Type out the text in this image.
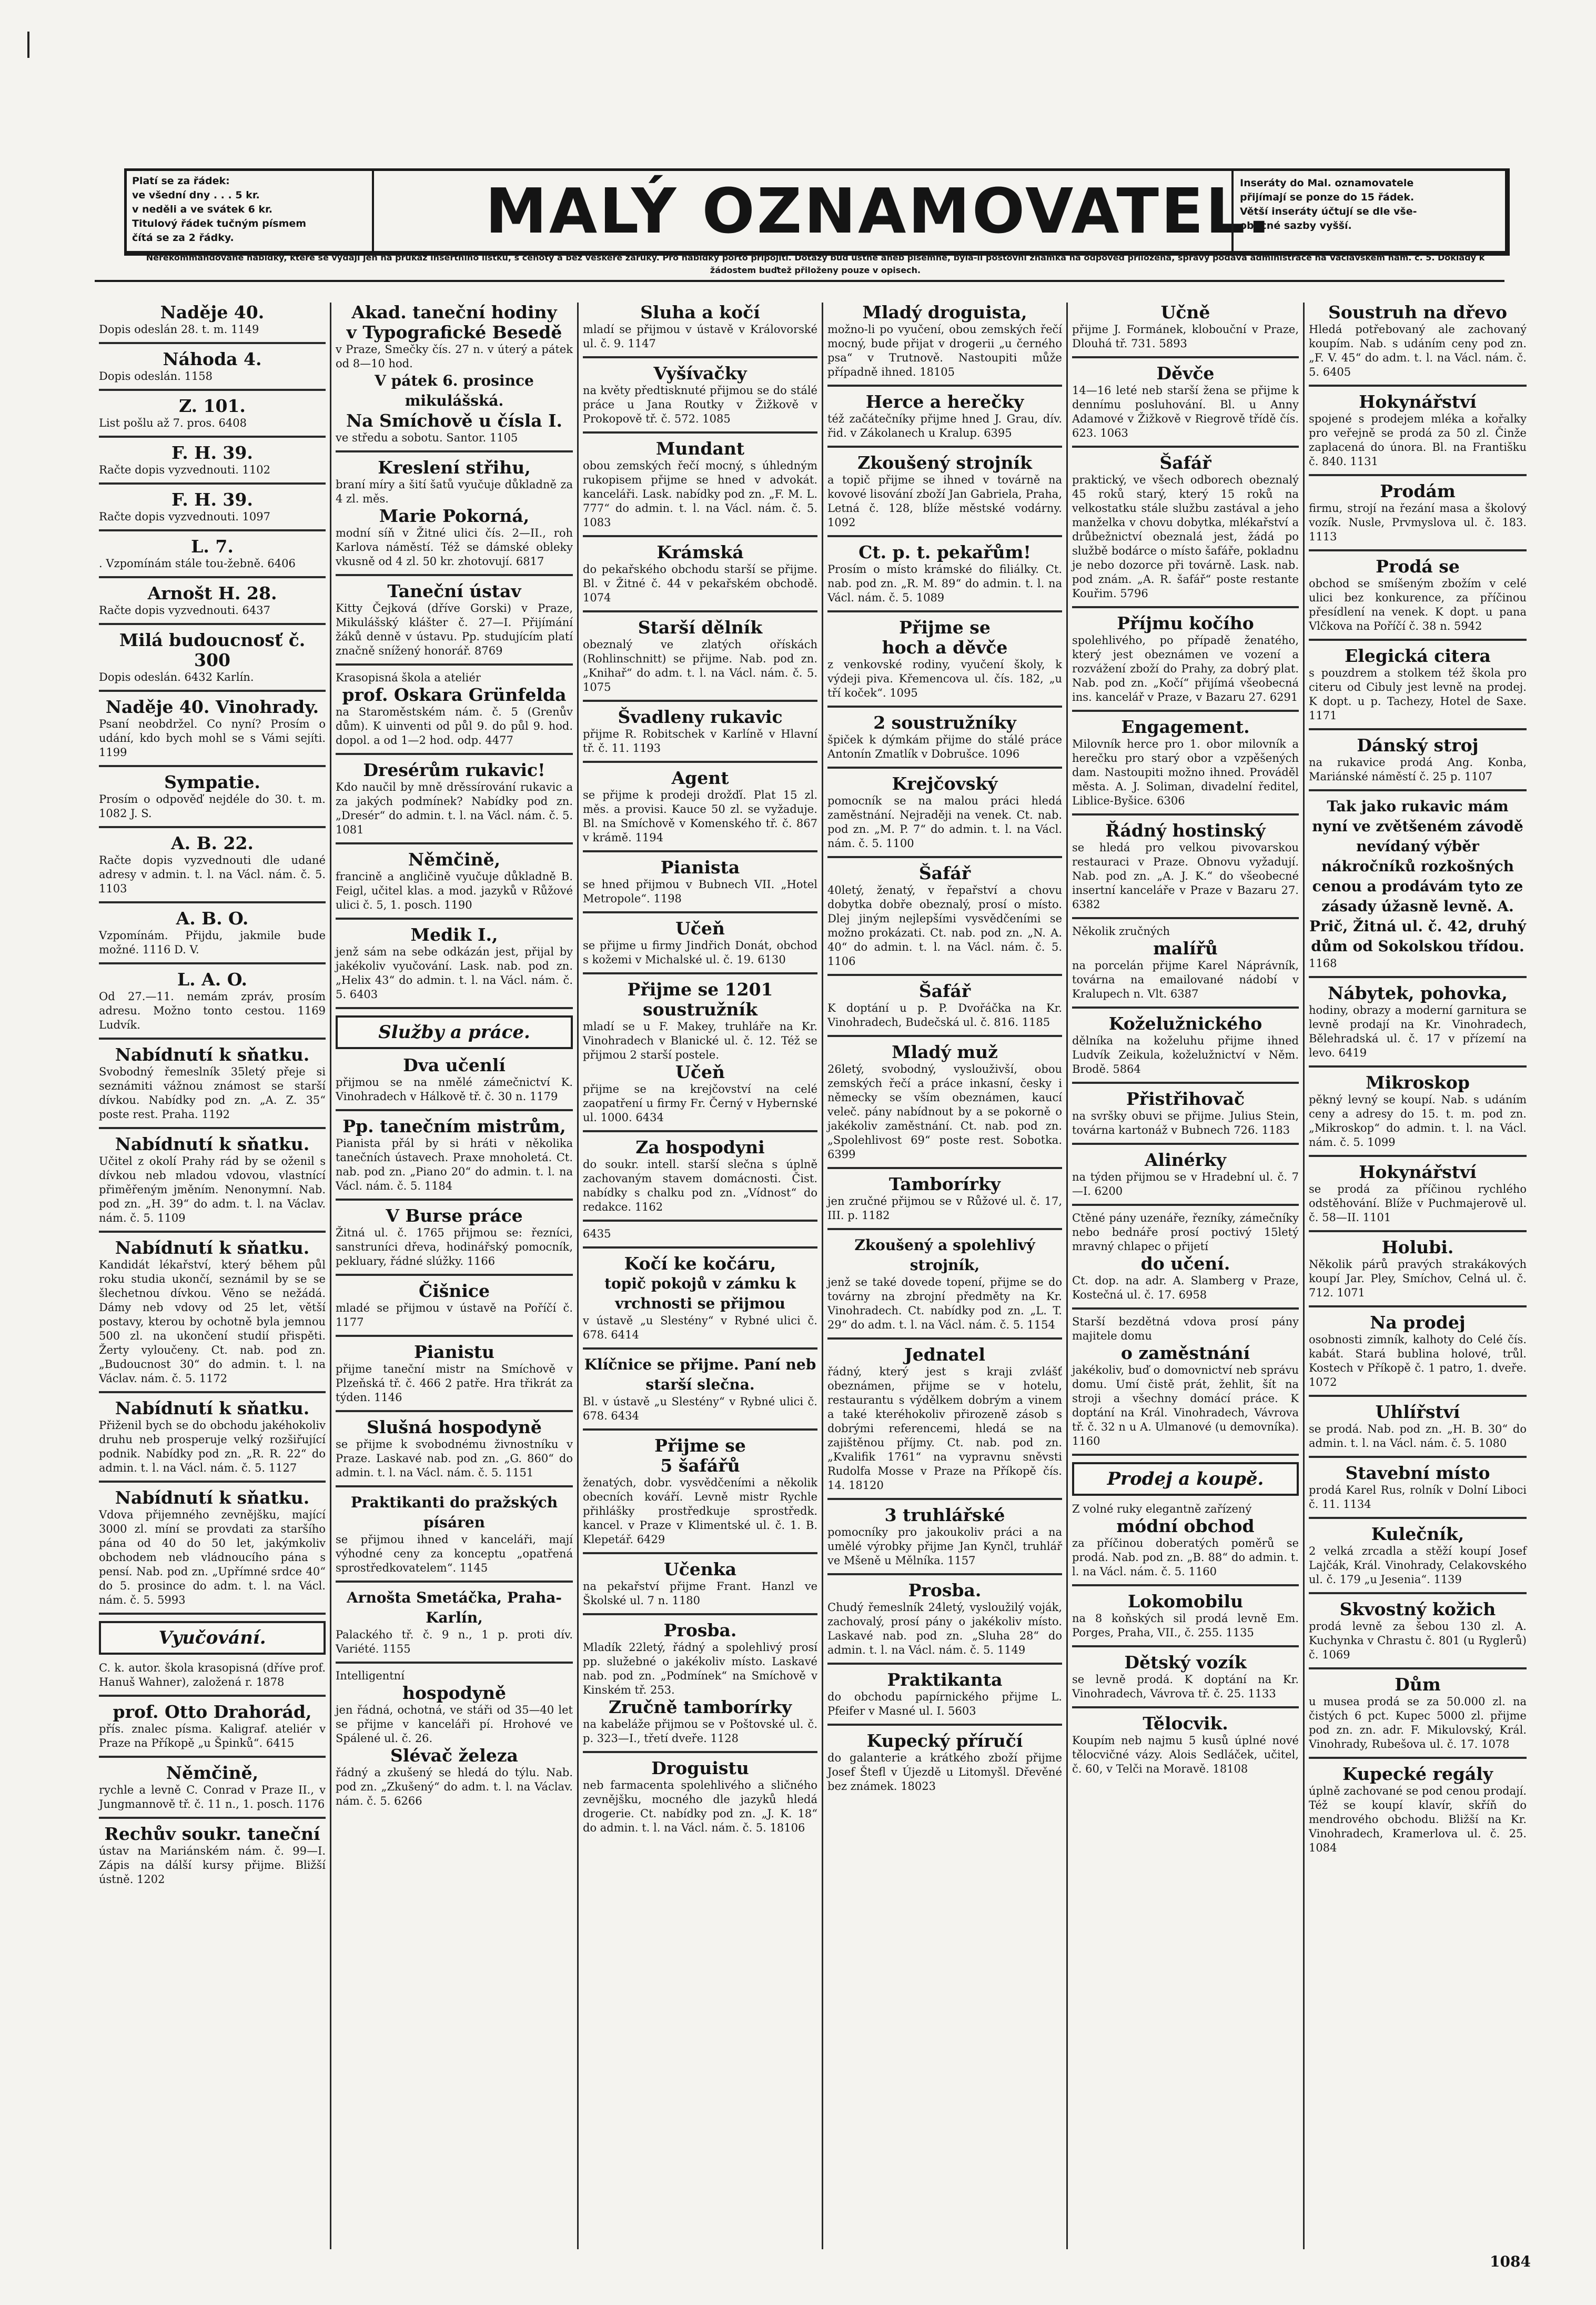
Platí se za řádek:
ve všední dny . . . 5 kr.
v neděli a ve svátek 6 kr.
Titulový řádek tučným písmem
čítá se za 2 řádky.	MALÝ OZNAMOVATEL.
Inseráty do Mal. oznamovatele
přijímají se ponze do 15 řádek.
Větší inseráty účtují se dle vše-
obecné sazby vyšší.
Nerekommandované nabídky, které se vydají jen na průkaz insertního lístku, s cehoty a bez veškeré záruky. Pro nabídky porto připojiti. Dotazy buď ústně aneb písemně, byla-li poštovní známka na odpověď přiložena, správy podává administrace na Václavském nám. č. 5. Doklady k žádostem buďtež přiloženy pouze v opisech.
Naděje 40.
Dopis odeslán 28. t. m. 1149
Náhoda 4.
Dopis odeslán. 1158
Z. 101.
List pošlu až 7. pros. 6408
F. H. 39.
Račte dopis vyzvednouti. 1102
F. H. 39.
Račte dopis vyzvednouti. 1097
L. 7.
. Vzpomínám stále tou-žebně. 6406
Arnošt H. 28.
Račte dopis vyzvednouti. 6437
Milá budoucnosť č. 300
Dopis odeslán. 6432 Karlín.
Naděje 40. Vinohrady.
Psaní neobdržel. Co nyní? Prosím o udání, kdo bych mohl se s Vámi sejíti. 1199
Sympatie.
Prosím o odpověď nejdéle do 30. t. m. 1082 J. S.
A. B. 22.
Račte dopis vyzvednouti dle udané adresy v admin. t. l. na Václ. nám. č. 5. 1103
A. B. O.
Vzpomínám. Přijdu, jakmile bude možné. 1116 D. V.
L. A. O.
Od 27.—11. nemám zpráv, prosím adresu. Možno tonto cestou. 1169 Ludvík.
Nabídnutí k sňatku.
Svobodný řemeslník 35letý přeje si seznámiti vážnou známost se starší dívkou. Nabídky pod zn. „A. Z. 35“ poste rest. Praha. 1192
Nabídnutí k sňatku.
Učitel z okolí Prahy rád by se oženil s dívkou neb mladou vdovou, vlastnící přiměřeným jměním. Nenonymní. Nab. pod zn. „H. 39“ do adm. t. l. na Václav. nám. č. 5. 1109
Nabídnutí k sňatku.
Kandidát lékařství, který během půl roku studia ukončí, seznámil by se se šlechetnou dívkou. Věno se nežádá. Dámy neb vdovy od 25 let, větší postavy, kterou by ochotně byla jemnou 500 zl. na ukončení studií přispěti. Žerty vyloučeny. Ct. nab. pod zn. „Budoucnost 30“ do admin. t. l. na Václav. nám. č. 5. 1172
Nabídnutí k sňatku.
Přiženil bych se do obchodu jakéhokoliv druhu neb prosperuje velký rozšiřující podnik. Nabídky pod zn. „R. R. 22“ do admin. t. l. na Václ. nám. č. 5. 1127
Nabídnutí k sňatku.
Vdova přijemného zevnějšku, mající 3000 zl. míní se provdati za staršího pána od 40 do 50 let, jakýmkoliv obchodem neb vládnoucího pána s pensí. Nab. pod zn. „Upřímné srdce 40“ do 5. prosince do adm. t. l. na Václ. nám. č. 5. 5993
Vyučování.
C. k. autor. škola krasopisná (dříve prof. Hanuš Wahner), založená r. 1878
prof. Otto Drahorád,
přís. znalec písma. Kaligraf. ateliér v Praze na Příkopě „u Špinků“. 6415
Němčině,
rychle a levně C. Conrad v Praze II., v Jungmannově tř. č. 11 n., 1. posch. 1176
Rechův soukr. taneční
ústav na Mariánském nám. č. 99—I. Zápis na dálší kursy přijme. Bližší ústně. 1202
Akad. taneční hodiny
v Typografické Besedě
v Praze, Smečky čís. 27 n. v úterý a pátek od 8—10 hod.
V pátek 6. prosince mikulášská.
Na Smíchově u čísla I.
ve středu a sobotu. Santor. 1105
Kreslení střihu,
braní míry a šití šatů vyučuje důkladně za 4 zl. měs.
Marie Pokorná,
modní síň v Žitné ulici čís. 2—II., roh Karlova náměstí. Též se dámské obleky vkusně od 4 zl. 50 kr. zhotovují. 6817
Taneční ústav
Kitty Čejková (dříve Gorski) v Praze, Mikulášský klášter č. 27—I. Přijímání žáků denně v ústavu. Pp. studujícím platí značně snížený honorář. 8769
Krasopisná škola a ateliér
prof. Oskara Grünfelda
na Staroměstském nám. č. 5 (Grenův dům). K uinventi od půl 9. do půl 9. hod. dopol. a od 1—2 hod. odp. 4477
Dresérům rukavic!
Kdo naučil by mně drěssírování rukavic a za jakých podmínek? Nabídky pod zn. „Dresér“ do admin. t. l. na Václ. nám. č. 5. 1081
Němčině,
francině a angličině vyučuje důkladně B. Feigl, učitel klas. a mod. jazyků v Růžové ulici č. 5, 1. posch. 1190
Medik I.,
jenž sám na sebe odkázán jest, přijal by jakékoliv vyučování. Lask. nab. pod zn. „Helix 43“ do admin. t. l. na Václ. nám. č. 5. 6403
Služby a práce.
Dva učenlí
přijmou se na nmělé zámečnictví K. Vinohradech v Hálkově tř. č. 30 n. 1179
Pp. tanečním mistrům,
Pianista přál by si hráti v několika tanečních ústavech. Praxe mnoholetá. Ct. nab. pod zn. „Piano 20“ do admin. t. l. na Václ. nám. č. 5. 1184
V Burse práce
Žitná ul. č. 1765 přijmou se: řezníci, sanstruníci dřeva, hodinářský pomocník, pekluary, řádné slúžky. 1166
Čišnice
mladé se přijmou v ústavě na Poříčí č. 1177
Pianistu
přijme taneční mistr na Smíchově v Plzeňská tř. č. 466 2 patře. Hra třikrát za týden. 1146
Slušná hospodyně
se přijme k svobodnému živnostníku v Praze. Laskavé nab. pod zn. „G. 860“ do admin. t. l. na Václ. nám. č. 5. 1151
Praktikanti do pražských písáren
se přijmou ihned v kanceláři, mají výhodné ceny za konceptu „opatřená sprostředkovatelem“. 1145
Arnošta Smetáčka, Praha-Karlín,
Palackého tř. č. 9 n., 1 p. proti dív. Variété. 1155
Intelligentní
hospodyně
jen řádná, ochotná, ve stáři od 35—40 let se přijme v kanceláři pí. Hrohové ve Spálené ul. č. 26.
Slévač železa
řádný a zkušený se hledá do týlu. Nab. pod zn. „Zkušený“ do adm. t. l. na Václav. nám. č. 5. 6266
Sluha a kočí
mladí se přijmou v ústavě v Královorské ul. č. 9. 1147
Vyšívačky
na květy předtisknuté přijmou se do stálé práce u Jana Routky v Žižkově v Prokopově tř. č. 572. 1085
Mundant
obou zemských řečí mocný, s úhledným rukopisem přijme se hned v advokát. kanceláři. Lask. nabídky pod zn. „F. M. L. 777“ do admin. t. l. na Václ. nám. č. 5. 1083
Krámská
do pekařského obchodu starší se přijme. Bl. v Žitné č. 44 v pekařském obchodě. 1074
Starší dělník
obeznalý ve zlatých ořískách (Rohlinschnitt) se přijme. Nab. pod zn. „Knihař“ do adm. t. l. na Václ. nám. č. 5. 1075
Švadleny rukavic
přijme R. Robitschek v Karlíně v Hlavní tř. č. 11. 1193
Agent
se přijme k prodeji drožďí. Plat 15 zl. měs. a provisi. Kauce 50 zl. se vyžaduje. Bl. na Smíchově v Komenského tř. č. 867 v krámě. 1194
Pianista
se hned přijmou v Bubnech VII. „Hotel Metropole“. 1198
Učeň
se přijme u firmy Jindřich Donát, obchod s kožemi v Michalské ul. č. 19. 6130
Přijme se 1201
soustružník
mladí se u F. Makey, truhláře na Kr. Vinohradech v Blanické ul. č. 12. Též se přijmou 2 starší postele.
Učeň
přijme se na krejčovství na celé zaopatření u firmy Fr. Černý v Hybernské ul. 1000. 6434
Za hospodyni
do soukr. intell. starší slečna s úplně zachovaným stavem domácnosti. Čist. nabídky s chalku pod zn. „Vídnost“ do redakce. 1162
6435
Kočí ke kočáru,
topič pokojů v zámku k vrchnosti se přijmou
v ústavě „u Slestény“ v Rybné ulici č. 678. 6414
Klíčnice se přijme. Paní neb starší slečna.
Bl. v ústavě „u Slestény“ v Rybné ulici č. 678. 6434
Přijme se
5 šafářů
ženatých, dobr. vysvědčeními a několik obecních kováří. Levně mistr Rychle přihlášky prostředkuje sprostředk. kancel. v Praze v Klimentské ul. č. 1. B. Klepetář. 6429
Učenka
na pekařství přijme Frant. Hanzl ve Školské ul. 7 n. 1180
Prosba.
Mladík 22letý, řádný a spolehlivý prosí pp. služebné o jakékoliv místo. Laskavé nab. pod zn. „Podmínek“ na Smíchově v Kinském tř. 253.
Zručně tamborírky
na kabeláže přijmou se v Poštovské ul. č. p. 323—I., třetí dveře. 1128
Droguistu
neb farmacenta spolehlivého a sličného zevnějšku, mocného dle jazyků hledá drogerie. Ct. nabídky pod zn. „J. K. 18“ do admin. t. l. na Václ. nám. č. 5. 18106
Mladý droguista,
možno-li po vyučení, obou zemských řečí mocný, bude přijat v drogerii „u černého psa“ v Trutnově. Nastoupiti může případně ihned. 18105
Herce a herečky
též začátečníky přijme hned J. Grau, dív. řid. v Zákolanech u Kralup. 6395
Zkoušený strojník
a topič přijme se ihned v továrně na kovové lisování zboží Jan Gabriela, Praha, Letná č. 128, blíže městské vodárny. 1092
Ct. p. t. pekařům!
Prosím o místo krámské do filiálky. Ct. nab. pod zn. „R. M. 89“ do admin. t. l. na Václ. nám. č. 5. 1089
Přijme se
hoch a děvče
z venkovské rodiny, vyučení školy, k výdeji piva. Křemencova ul. čís. 182, „u tří koček“. 1095
2 soustružníky
špiček k dýmkám přijme do stálé práce Antonín Zmatlík v Dobrušce. 1096
Krejčovský
pomocník se na malou práci hledá zaměstnání. Nejraději na venek. Ct. nab. pod zn. „M. P. 7“ do admin. t. l. na Václ. nám. č. 5. 1100
Šafář
40letý, ženatý, v řepařství a chovu dobytka dobře obeznalý, prosí o místo. Dlej jiným nejlepšími vysvědčeními se možno prokázati. Ct. nab. pod zn. „N. A. 40“ do admin. t. l. na Václ. nám. č. 5. 1106
Šafář
K doptání u p. P. Dvořáčka na Kr. Vinohradech, Budečská ul. č. 816. 1185
Mladý muž
26letý, svobodný, vyslouživší, obou zemských řečí a práce inkasní, česky i německy se vším obeznámen, kaucí veleč. pány nabídnout by a se pokorně o jakékoliv zaměstnání. Ct. nab. pod zn. „Spolehlivost 69“ poste rest. Sobotka. 6399
Tamborírky
jen zručné přijmou se v Růžové ul. č. 17, III. p. 1182
Zkoušený a spolehlivý strojník,
jenž se také dovede topení, přijme se do továrny na zbrojní předměty na Kr. Vinohradech. Ct. nabídky pod zn. „L. T. 29“ do adm. t. l. na Václ. nám. č. 5. 1154
Jednatel
řádný, který jest s kraji zvlášť obeznámen, přijme se v hotelu, restaurantu s výdělkem dobrým a vinem a také kteréhokoliv přirozeně zásob s dobrými referencemi, hledá se na zajištěnou příjmy. Ct. nab. pod zn. „Kvalifik 1761“ na vypravnu sněvsti Rudolfa Mosse v Praze na Příkopě čís. 14. 18120
3 truhlářské
pomocníky pro jakoukoliv práci a na umělé výrobky přijme Jan Kynčl, truhlář ve Mšeně u Mělníka. 1157
Prosba.
Chudý řemeslník 24letý, vysloužilý voják, zachovalý, prosí pány o jakékoliv místo. Laskavé nab. pod zn. „Sluha 28“ do admin. t. l. na Václ. nám. č. 5. 1149
Praktikanta
do obchodu papírnického přijme L. Pfeifer v Masné ul. I. 5603
Kupecký příručí
do galanterie a krátkého zboží přijme Josef Štefl v Újezdě u Litomyšl. Dřevěné bez známek. 18023
Učně
přijme J. Formánek, klobouční v Praze, Dlouhá tř. 731. 5893
Děvče
14—16 leté neb starší žena se přijme k dennímu posluhování. Bl. u Anny Adamové v Žižkově v Riegrově třídě čís. 623. 1063
Šafář
praktický, ve všech odborech obeznalý 45 roků starý, který 15 roků na velkostatku stále službu zastával a jeho manželka v chovu dobytka, mlékařství a drůbežnictví obeznalá jest, žádá po službě bodárce o místo šafáře, pokladnu je nebo dozorce při továrně. Lask. nab. pod znám. „A. R. šafář“ poste restante Kouřim. 5796
Příjmu kočího
spolehlivého, po případě ženatého, který jest obeznámen ve vození a rozvážení zboží do Prahy, za dobrý plat. Nab. pod zn. „Kočí“ přijímá všeobecná ins. kancelář v Praze, v Bazaru 27. 6291
Engagement.
Milovník herce pro 1. obor milovník a herečku pro starý obor a vzpěšených dam. Nastoupiti možno ihned. Prováděl města. A. J. Soliman, divadelní ředitel, Liblice-Byšice. 6306
Řádný hostinský
se hledá pro velkou pivovarskou restauraci v Praze. Obnovu vyžadují. Nab. pod zn. „A. J. K.“ do všeobecné insertní kanceláře v Praze v Bazaru 27. 6382
Několik zručných
malířů
na porcelán přijme Karel Náprávník, továrna na emailované nádobí v Kralupech n. Vlt. 6387
Koželužnického
dělníka na koželuhu přijme ihned Ludvík Zeikula, koželužnictví v Něm. Brodě. 5864
Přistřihovač
na svršky obuvi se přijme. Julius Stein, továrna kartonáž v Bubnech 726. 1183
Alinérky
na týden přijmou se v Hradební ul. č. 7—I. 6200
Ctěné pány uzenáře, řezníky, zámečníky nebo bednáře prosí poctivý 15letý mravný chlapec o přijetí
do učení.
Ct. dop. na adr. A. Slamberg v Praze, Kostečná ul. č. 17. 6958
Starší bezdětná vdova prosí pány majitele domu
o zaměstnání
jakékoliv, buď o domovnictví neb správu domu. Umí čistě prát, žehlit, šít na stroji a všechny domácí práce. K doptání na Král. Vinohradech, Vávrova tř. č. 32 n u A. Ulmanové (u demovníka). 1160
Prodej a koupě.
Z volné ruky elegantně zařízený
módní obchod
za příčinou doberatých poměrů se prodá. Nab. pod zn. „B. 88“ do admin. t. l. na Václ. nám. č. 5. 1160
Lokomobilu
na 8 koňských sil prodá levně Em. Porges, Praha, VII., č. 255. 1135
Dětský vozík
se levně prodá. K doptání na Kr. Vinohradech, Vávrova tř. č. 25. 1133
Tělocvik.
Koupím neb najmu 5 kusů úplné nové tělocvičné vázy. Alois Sedláček, učitel, č. 60, v Telči na Moravě. 18108
Soustruh na dřevo
Hledá potřebovaný ale zachovaný koupím. Nab. s udáním ceny pod zn. „F. V. 45“ do adm. t. l. na Václ. nám. č. 5. 6405
Hokynářství
spojené s prodejem mléka a kořalky pro veřejně se prodá za 50 zl. Činže zaplacená do února. Bl. na Františku č. 840. 1131
Prodám
firmu, strojí na řezání masa a školový vozík. Nusle, Prvmyslova ul. č. 183. 1113
Prodá se
obchod se smíšeným zbožím v celé ulici bez konkurence, za příčinou přesídlení na venek. K dopt. u pana Vlčkova na Poříčí č. 38 n. 5942
Elegická citera
s pouzdrem a stolkem též škola pro citeru od Cibuly jest levně na prodej. K dopt. u p. Tachezy, Hotel de Saxe. 1171
Dánský stroj
na rukavice prodá Ang. Konba, Mariánské náměstí č. 25 p. 1107
Tak jako rukavic mám nyní ve zvětšeném závodě nevídaný výběr nákročníků rozkošných cenou a prodávám tyto ze zásady úžasně levně. A. Prič, Žitná ul. č. 42, druhý dům od Sokolskou třídou.
1168
Nábytek, pohovka,
hodiny, obrazy a moderní garnitura se levně prodají na Kr. Vinohradech, Bělehradská ul. č. 17 v přízemí na levo. 6419
Mikroskop
pěkný levný se koupí. Nab. s udáním ceny a adresy do 15. t. m. pod zn. „Mikroskop“ do admin. t. l. na Václ. nám. č. 5. 1099
Hokynářství
se prodá za příčinou rychlého odstěhování. Blíže v Puchmajerově ul. č. 58—II. 1101
Holubi.
Několik párů pravých strakákových koupí Jar. Pley, Smíchov, Celná ul. č. 712. 1071
Na prodej
osobnosti zimník, kalhoty do Celé čís. kabát. Stará bublina holové, trůl. Kostech v Příkopě č. 1 patro, 1. dveře. 1072
Uhlířství
se prodá. Nab. pod zn. „H. B. 30“ do admin. t. l. na Václ. nám. č. 5. 1080
Stavební místo
prodá Karel Rus, rolník v Dolní Liboci č. 11. 1134
Kulečník,
2 velká zrcadla a stěží koupí Josef Lajčák, Král. Vinohrady, Celakovského ul. č. 179 „u Jesenia“. 1139
Skvostný kožich
prodá levně za šebou 130 zl. A. Kuchynka v Chrastu č. 801 (u Ryglerů) č. 1069
Dům
u musea prodá se za 50.000 zl. na čistých 6 pct. Kupec 5000 zl. přijme pod zn. zn. adr. F. Mikulovský, Král. Vinohrady, Rubešova ul. č. 17. 1078
Kupecké regály
úplně zachované se pod cenou prodají. Též se koupí klavír, skříň do mendrového obchodu. Bližší na Kr. Vinohradech, Kramerlova ul. č. 25. 1084
1084
